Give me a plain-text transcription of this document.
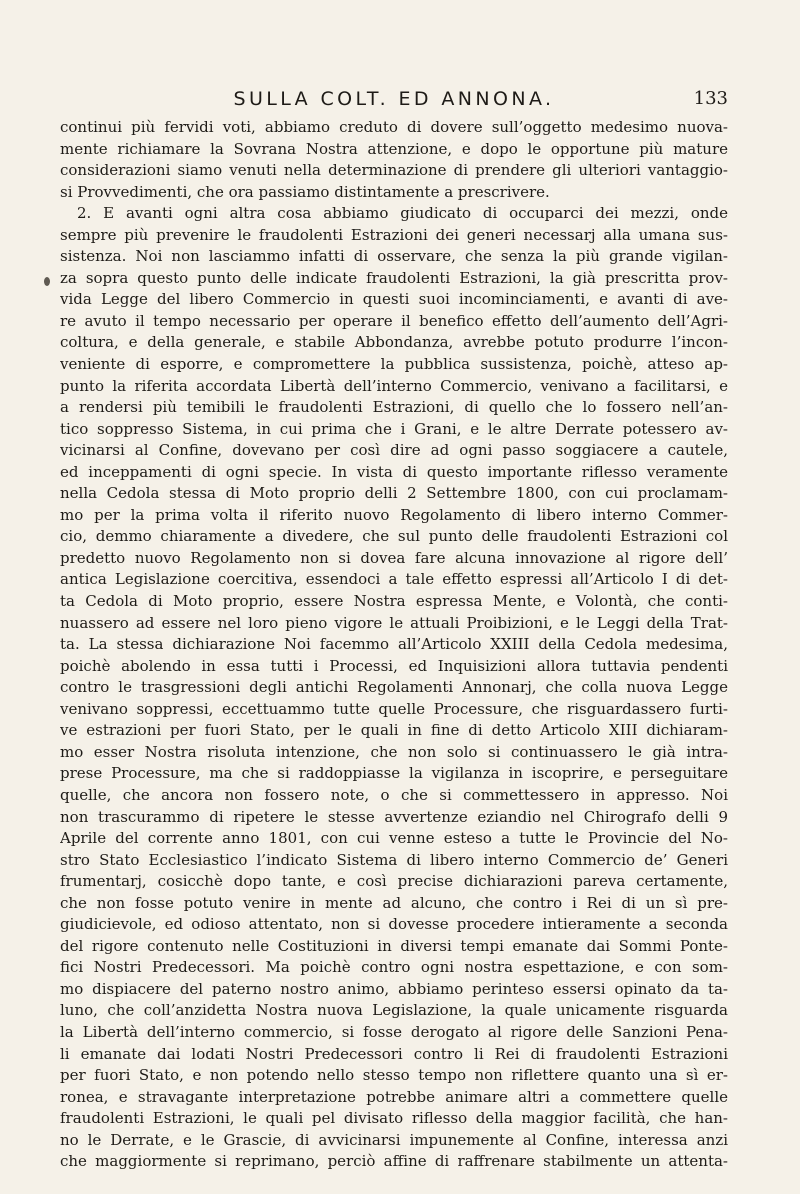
SULLA COLT. ED ANNONA.	133
continui più fervidi voti, abbiamo creduto di dovere sull’oggetto medesimo nuova-
mente richiamare la Sovrana Nostra attenzione, e dopo le opportune più mature
considerazioni siamo venuti nella determinazione di prendere gli ulteriori vantaggio-
si Provvedimenti, che ora passiamo distintamente a prescrivere.
2. E avanti ogni altra cosa abbiamo giudicato di occuparci dei mezzi, onde
sempre più prevenire le fraudolenti Estrazioni dei generi necessarj alla umana sus-
sistenza. Noi non lasciammo infatti di osservare, che senza la più grande vigilan-
za sopra questo punto delle indicate fraudolenti Estrazioni, la già prescritta prov-
vida Legge del libero Commercio in questi suoi incominciamenti, e avanti di ave-
re avuto il tempo necessario per operare il benefico effetto dell’aumento dell’Agri-
coltura, e della generale, e stabile Abbondanza, avrebbe potuto produrre l’incon-
veniente di esporre, e compromettere la pubblica sussistenza, poichè, atteso ap-
punto la riferita accordata Libertà dell’interno Commercio, venivano a facilitarsi, e
a rendersi più temibili le fraudolenti Estrazioni, di quello che lo fossero nell’an-
tico soppresso Sistema, in cui prima che i Grani, e le altre Derrate potessero av-
vicinarsi al Confine, dovevano per così dire ad ogni passo soggiacere a cautele,
ed inceppamenti di ogni specie. In vista di questo importante riflesso veramente
nella Cedola stessa di Moto proprio delli 2 Settembre 1800, con cui proclamam-
mo per la prima volta il riferito nuovo Regolamento di libero interno Commer-
cio, demmo chiaramente a divedere, che sul punto delle fraudolenti Estrazioni col
predetto nuovo Regolamento non si dovea fare alcuna innovazione al rigore dell’
antica Legislazione coercitiva, essendoci a tale effetto espressi all’Articolo I di det-
ta Cedola di Moto proprio, essere Nostra espressa Mente, e Volontà, che conti-
nuassero ad essere nel loro pieno vigore le attuali Proibizioni, e le Leggi della Trat-
ta. La stessa dichiarazione Noi facemmo all’Articolo XXIII della Cedola medesima,
poichè abolendo in essa tutti i Processi, ed Inquisizioni allora tuttavia pendenti
contro le trasgressioni degli antichi Regolamenti Annonarj, che colla nuova Legge
venivano soppressi, eccettuammo tutte quelle Processure, che risguardassero furti-
ve estrazioni per fuori Stato, per le quali in fine di detto Articolo XIII dichiaram-
mo esser Nostra risoluta intenzione, che non solo si continuassero le già intra-
prese Processure, ma che si raddoppiasse la vigilanza in iscoprire, e perseguitare
quelle, che ancora non fossero note, o che si commettessero in appresso. Noi
non trascurammo di ripetere le stesse avvertenze eziandio nel Chirografo delli 9
Aprile del corrente anno 1801, con cui venne esteso a tutte le Provincie del No-
stro Stato Ecclesiastico l’indicato Sistema di libero interno Commercio de’ Generi
frumentarj, cosicchè dopo tante, e così precise dichiarazioni pareva certamente,
che non fosse potuto venire in mente ad alcuno, che contro i Rei di un sì pre-
giudicievole, ed odioso attentato, non si dovesse procedere intieramente a seconda
del rigore contenuto nelle Costituzioni in diversi tempi emanate dai Sommi Ponte-
fici Nostri Predecessori. Ma poichè contro ogni nostra espettazione, e con som-
mo dispiacere del paterno nostro animo, abbiamo perinteso essersi opinato da ta-
luno, che coll’anzidetta Nostra nuova Legislazione, la quale unicamente risguarda
la Libertà dell’interno commercio, si fosse derogato al rigore delle Sanzioni Pena-
li emanate dai lodati Nostri Predecessori contro li Rei di fraudolenti Estrazioni
per fuori Stato, e non potendo nello stesso tempo non riflettere quanto una sì er-
ronea, e stravagante interpretazione potrebbe animare altri a commettere quelle
fraudolenti Estrazioni, le quali pel divisato riflesso della maggior facilità, che han-
no le Derrate, e le Grascie, di avvicinarsi impunemente al Confine, interessa anzi
che maggiormente si reprimano, perciò affine di raffrenare stabilmente un attenta-
